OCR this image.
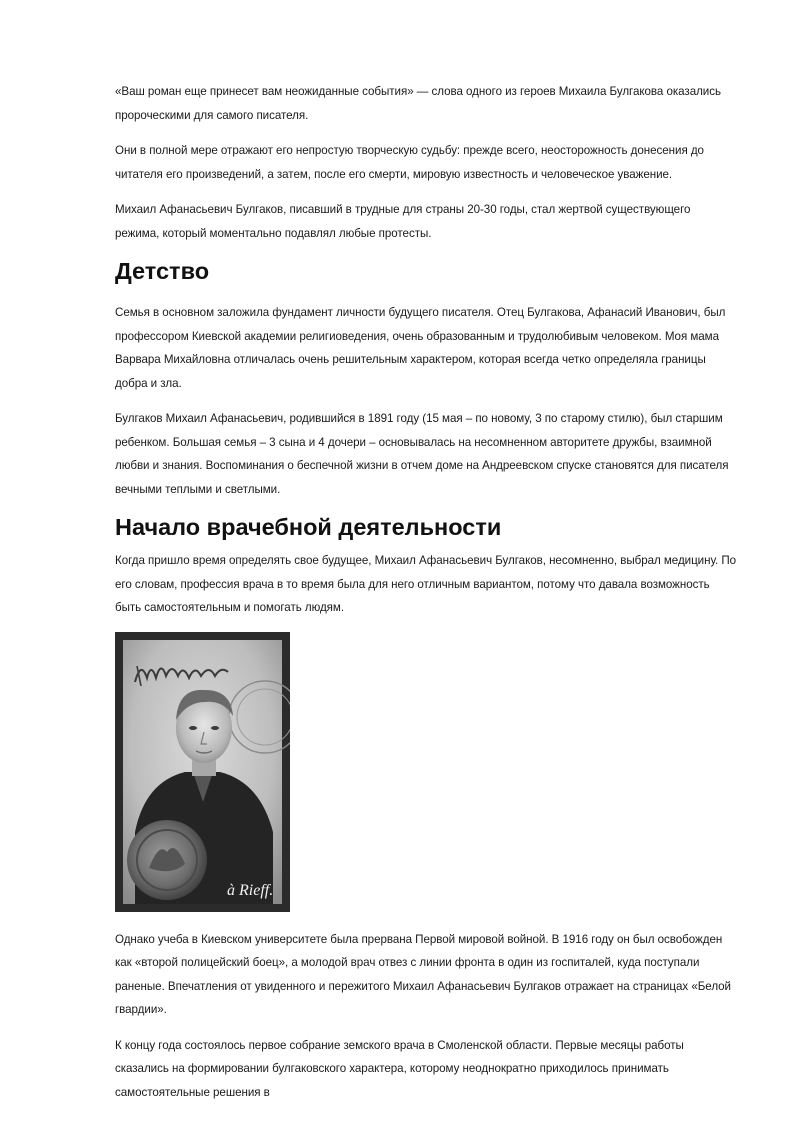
«Ваш роман еще принесет вам неожиданные события» — слова одного из героев Михаила Булгакова оказались пророческими для самого писателя.

Они в полной мере отражают его непростую творческую судьбу: прежде всего, неосторожность донесения до читателя его произведений, а затем, после его смерти, мировую известность и человеческое уважение.

Михаил Афанасьевич Булгаков, писавший в трудные для страны 20-30 годы, стал жертвой существующего режима, который моментально подавлял любые протесты.

Детство

Семья в основном заложила фундамент личности будущего писателя. Отец Булгакова, Афанасий Иванович, был профессором Киевской академии религиоведения, очень образованным и трудолюбивым человеком. Моя мама Варвара Михайловна отличалась очень решительным характером, которая всегда четко определяла границы добра и зла.

Булгаков Михаил Афанасьевич, родившийся в 1891 году (15 мая – по новому, 3 по старому стилю), был старшим ребенком. Большая семья – 3 сына и 4 дочери – основывалась на несомненном авторитете дружбы, взаимной любви и знания. Воспоминания о беспечной жизни в отчем доме на Андреевском спуске становятся для писателя вечными теплыми и светлыми.

Начало врачебной деятельности

Когда пришло время определять свое будущее, Михаил Афанасьевич Булгаков, несомненно, выбрал медицину. По его словам, профессия врача в то время была для него отличным вариантом, потому что давала возможность быть самостоятельным и помогать людям.

à Rieff.

Однако учеба в Киевском университете была прервана Первой мировой войной. В 1916 году он был освобожден как «второй полицейский боец», а молодой врач отвез с линии фронта в один из госпиталей, куда поступали раненые. Впечатления от увиденного и пережитого Михаил Афанасьевич Булгаков отражает на страницах «Белой гвардии».

К концу года состоялось первое собрание земского врача в Смоленской области. Первые месяцы работы сказались на формировании булгаковского характера, которому неоднократно приходилось принимать самостоятельные решения в
